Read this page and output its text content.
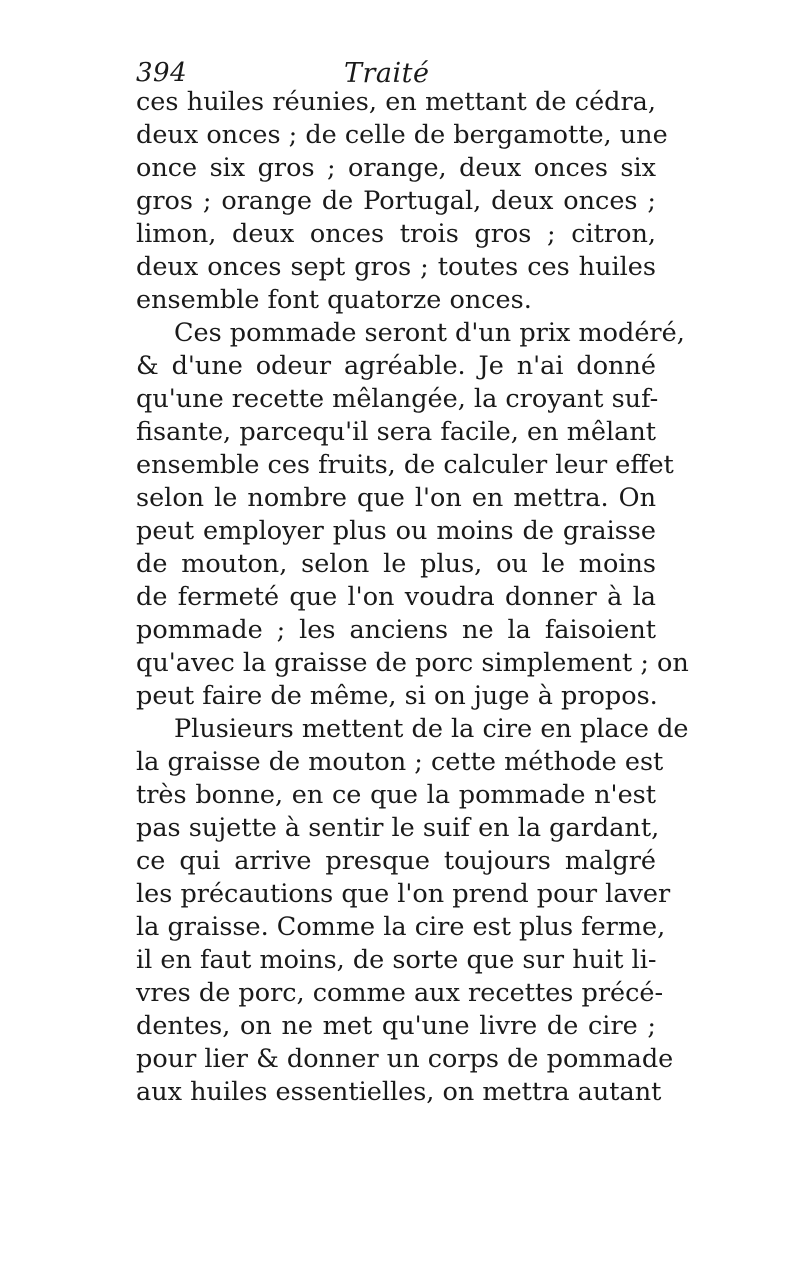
394	Traité
ces huiles réunies, en mettant de cédra,
deux onces ; de celle de bergamotte, une
once six gros ; orange, deux onces six
gros ; orange de Portugal, deux onces ;
limon, deux onces trois gros ; citron,
deux onces sept gros ; toutes ces huiles
ensemble font quatorze onces.
Ces pommade seront d'un prix modéré,
& d'une odeur agréable. Je n'ai donné
qu'une recette mêlangée, la croyant suf-
fisante, parcequ'il sera facile, en mêlant
ensemble ces fruits, de calculer leur effet
selon le nombre que l'on en mettra. On
peut employer plus ou moins de graisse
de mouton, selon le plus, ou le moins
de fermeté que l'on voudra donner à la
pommade ; les anciens ne la faisoient
qu'avec la graisse de porc simplement ; on
peut faire de même, si on juge à propos.
Plusieurs mettent de la cire en place de
la graisse de mouton ; cette méthode est
très bonne, en ce que la pommade n'est
pas sujette à sentir le suif en la gardant,
ce qui arrive presque toujours malgré
les précautions que l'on prend pour laver
la graisse. Comme la cire est plus ferme,
il en faut moins, de sorte que sur huit li-
vres de porc, comme aux recettes précé-
dentes, on ne met qu'une livre de cire ;
pour lier & donner un corps de pommade
aux huiles essentielles, on mettra autant
